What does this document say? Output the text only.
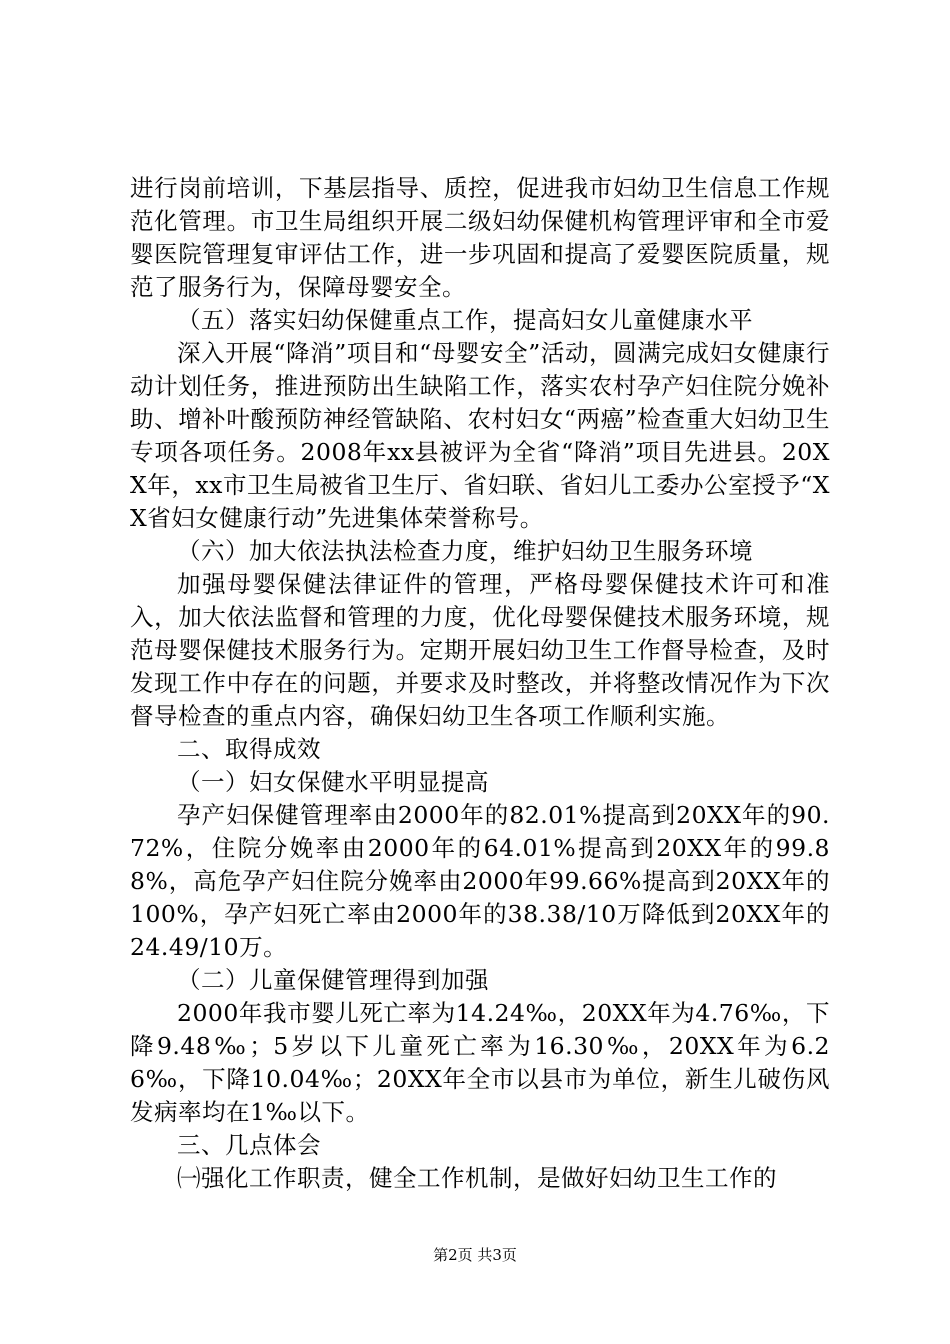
进行岗前培训，下基层指导、质控，促进我市妇幼卫生信息工作规范化管理。市卫生局组织开展二级妇幼保健机构管理评审和全市爱婴医院管理复审评估工作，进一步巩固和提高了爱婴医院质量，规范了服务行为，保障母婴安全。

（五）落实妇幼保健重点工作，提高妇女儿童健康水平

深入开展“降消”项目和“母婴安全”活动，圆满完成妇女健康行动计划任务，推进预防出生缺陷工作，落实农村孕产妇住院分娩补助、增补叶酸预防神经管缺陷、农村妇女“两癌”检查重大妇幼卫生专项各项任务。2008年xx县被评为全省“降消”项目先进县。20XX年，xx市卫生局被省卫生厅、省妇联、省妇儿工委办公室授予“XX省妇女健康行动”先进集体荣誉称号。

（六）加大依法执法检查力度，维护妇幼卫生服务环境

加强母婴保健法律证件的管理，严格母婴保健技术许可和准入，加大依法监督和管理的力度，优化母婴保健技术服务环境，规范母婴保健技术服务行为。定期开展妇幼卫生工作督导检查，及时发现工作中存在的问题，并要求及时整改，并将整改情况作为下次督导检查的重点内容，确保妇幼卫生各项工作顺利实施。

二、取得成效

（一）妇女保健水平明显提高

孕产妇保健管理率由2000年的82.01%提高到20XX年的90.72%，住院分娩率由2000年的64.01%提高到20XX年的99.88%，高危孕产妇住院分娩率由2000年99.66%提高到20XX年的100%，孕产妇死亡率由2000年的38.38/10万降低到20XX年的24.49/10万。

（二）儿童保健管理得到加强

2000年我市婴儿死亡率为14.24‰，20XX年为4.76‰，下降9.48‰；5岁以下儿童死亡率为16.30‰，20XX年为6.26‰，下降10.04‰；20XX年全市以县市为单位，新生儿破伤风发病率均在1‰以下。

三、几点体会

㈠强化工作职责，健全工作机制，是做好妇幼卫生工作的

第2页 共3页
